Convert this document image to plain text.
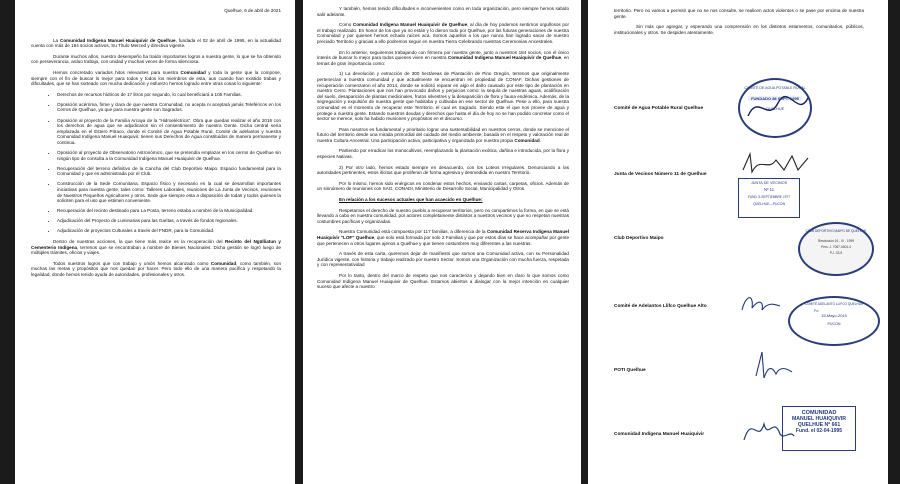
Quelhue, 6 de abril de 2021

La Comunidad Indígena Manuel Huaiquivir de Quelhue, fundada el 02 de abril de 1995, en la actualidad cuenta con más de 184 socios activos, Su Título Merced y directiva vigente.

Durante muchos años, nuestro desempeño ha traído importantes logros a nuestra gente, lo que se ha obtenido con perseverancia, arduo trabajo, con unidad y muchas veces de forma silenciosa.

Hemos concretado variados hitos relevantes para nuestra Comunidad y toda la gente que la compone, siempre con el fin de buscar lo mejor para todos y todos los miembros de esta, aun cuando han existido trabas y dificultades, que se han sorteado con mucha dedicación y esfuerzo hemos logrado entre otras cosas lo siguiente:

• Derechos de recursos hídricos de 17 litros por segundo, lo cual beneficiará a 105 Familias.
• Oposición acérrima, firme y clara de que nuestra Comunidad, no acepta ni aceptará jamás Teleféricos en los Cerros de Quelhue, ya que para nuestra gente son Sagrados.
• Oposición al proyecto de la Familia Arcaya de la "Hidroeléctrica". Obra que quedan realizar el año 2016 con los derechos de agua que se adjudicaron sin el consentimiento de nuestra Gente. Dicha central sería emplazada en el Estero Pitraco, donde el Comité de Agua Potable Rural, Comité de adelantos y nuestra Comunidad Indígena Manuel Huaiquivir, tienen sus Derechos de Agua constituidos de manera permanente y continua.
• Oposición al proyecto de Observatorio Astronómico, que se pretendía emplazar en los cerros de Quelhue sin ningún tipo de consulta a la Comunidad Indígena Manuel Huaiquivir de Quelhue.
• Recuperación del terreno definitivo de la Cancha del Club Deportivo Maipo. Espacio fundamental para la Comunidad y que es administrada por el Club.
• Construcción de la Sede Comunitaria. Espacio físico y necesario en la cual se desarrollan importantes iniciativas para nuestra gente, tales como: Talleres Laborales, reuniones de La Junta de Vecinos, reuniones de Nuestros Pequeños Agricultores y otros. Sede que siempre esta a disposición de todas y todos quienes la soliciten para el uso que estimen conveniente.
• Recuperación del recinto destinado para La Posta, terreno estaba a nombre de la Municipalidad.
• Adjudicación del Proyecto de Luminarias para las Garitas, a través de fondos regionales.
• Adjudicación de proyectos Culturales a través del FNDR, para la Comunidad.

Dentro de nuestras acciones, la que tiene más realce es la recuperación del Recinto del Ngülliatun y Cementerio Indígena, terrenos que se encontraban a nombre de Bienes Nacionales. Dicha gestión se logró luego de múltiples trámites, oficios y viajes.

Todos nuestros logros que con trabajo y unión hemos alcanzado como Comunidad, como también, son muchas las metas y propósitos que nos quedan por hacer. Pero todo ello de una manera pacífica y respetando la legalidad, donde hemos tenido ayuda de autoridades, profesionales y otros.

Y también, hemos tenido dificultades e inconvenientes como en toda organización, pero siempre hemos sabido salir adelante.

Como Comunidad Indígena Manuel Huaiquivir de Quelhue, al día de hoy podemos sentirnos orgullosos por el trabajo realizado. En honor de los que ya no están y lo dieron todo por Quelhue, por las futuras generaciones de nuestra Comunidad y por quienes hemos echado raíces acá. Somos aquellos a los que nunca han logrado sacar de nuestro preciado Territorio y gracias a ello podremos seguir en nuestra Tierra Celebrando nuestras Ceremonias Ancestrales.

En lo anterior, seguiremos trabajando con firmeza por nuestra gente, junto a nuestros 184 socios, con el único interés de buscar lo mejor para todos quienes viven en nuestra Comunidad Indígena Manuel Huaiquivir de Quelhue, en temas de gran importancia como:

1) La devolución y extracción de 300 hectáreas de Plantación de Pino Oregón, terrenos que originalmente pertenecían a nuestra comunidad y que actualmente se encuentran en propiedad de CONAF. Dichas gestiones de recuperación comenzaron el año 2014, donde se solicitó reparar en algo el daño causado por este tipo de plantación en nuestro Cerro. Plantaciones que nos han provocado daños y perjuicios como: la sequía de nuestras aguas, acidificación del suelo, desaparición de plantas medicinales, frutos silvestres y la desaparición de flora y fauna endémica. Además, de la segregación y expulsión de nuestra gente que habitaba y cultivaba en ese sector de Quelhue. Pese a ello, para nuestra comunidad es el momento de recuperar este Territorio, el cual es Sagrado. Siendo este el que nos provee de agua y protege a nuestra gente. Estando nuestros deudas y derechos que hasta el día de hoy no se han podido concretar como el sector se merece, solo ha habido reuniones y propósitos en el discurso.

Para nosotros es fundamental y prioritario lograr una sustentabilidad en nuestros cerros, donde se mencione el futuro del territorio desde una mirada primordial del cuidado del medio ambiente, basada en el respeto y valoración real de nuestra Cultura Ancestral. Una participación activa, participativa y organizada por nuestra propia Comunidad.

Partiendo por erradicar los monocultivos, reemplazando la plantación exótica, dañina e introducida, por la flora y especies Nativas.

2) Por otro lado, hemos estado siempre en desacuerdo, con los Loteos Irregulares. Denunciando a las autoridades pertinentes, estos ilícitos que proliferan de forma agresiva y desmedida en nuestro Territorio.

Por lo mismo, hemos sido enérgicos en condenar estos hechos, enviando cartas, carpetas, oficios. Además de un sinnúmero de reuniones con SAG, CONADI, Ministerio de Desarrollo Social, Municipalidad y Otros.

En relación a los sucesos actuales que han acaecido en Quelhue:

Respetamos el derecho de nuestro pueblo a recuperar territorios, pero no compartimos la forma, en que se está llevando a cabo en nuestra comunidad, por actores completamente distintos a nuestros vecinos y que no respetan nuestras costumbres pacíficas y organizadas.

Nuestra Comunidad está compuesta por 117 familias, a diferencia de la Comunidad Reserva Indígena Manuel Huaiquivir "LOF" Quelhue, que solo está formada por solo 2 Familias y que por estos días se hace acompañar por gente que pertenecen a otros lugares ajenos a Quelhue y que tienen costumbres muy diferentes a las nuestras.

A través de esta carta, queremos dejar de manifiesto que somos una Comunidad activa, con su Personalidad Jurídica vigente, con historia y trabajo realizado por nuestro Sector. Somos una Organización con mucha fuerza, respetada y con representatividad

Por lo tanto, dentro del marco de respeto que nos caracteriza y dejando bien en claro lo que somos como Comunidad Indígena Manuel Huaiquivir de Quelhue. Estamos abiertos a dialogar con la mejor intención en cualquier suceso que afecte a nuestro

territorio. Pero no vamos a permitir que no se nos consulte, se realicen actos violentos o se pase por encima de nuestra gente.

Sin más que agregar, y esperando una comprensión en los distintos estamentos, comunitarios, públicos, institucionales y otros. Se despiden atentamente.

Comité de Agua Potable Rural Quelhue
COMITÉ DE AGUA POTABLE RURAL
FUNDADO 88 SEPT. 1995
QUELHUE
Junta de Vecinos Número 11 de Quelhue
JUNTA DE VECINOS
Nº 11
FUND. 5-SEPTIEMBRE-1977
QUELHUE—PUCON
Club Deportivo Maipo
CLUB DEPORTIVO MAIPO DE QUELHUE
Resolución 16 - IV - 1999
Pers. J. 7067-0404-4
P.J. 33-9
Comité de Adelantos Llifco Quelhue Alto	COMITÉ ADELANTO LLIFCO QUELHUE
Fo
15-Mayo-2015
PUCON
POTI Quelhue
Comunidad Indígena Manuel Huaiquivir
COMUNIDAD
MANUEL HUAIQUIVIR
QUELHUE Nº 661
Fund. el 02-04-1995
